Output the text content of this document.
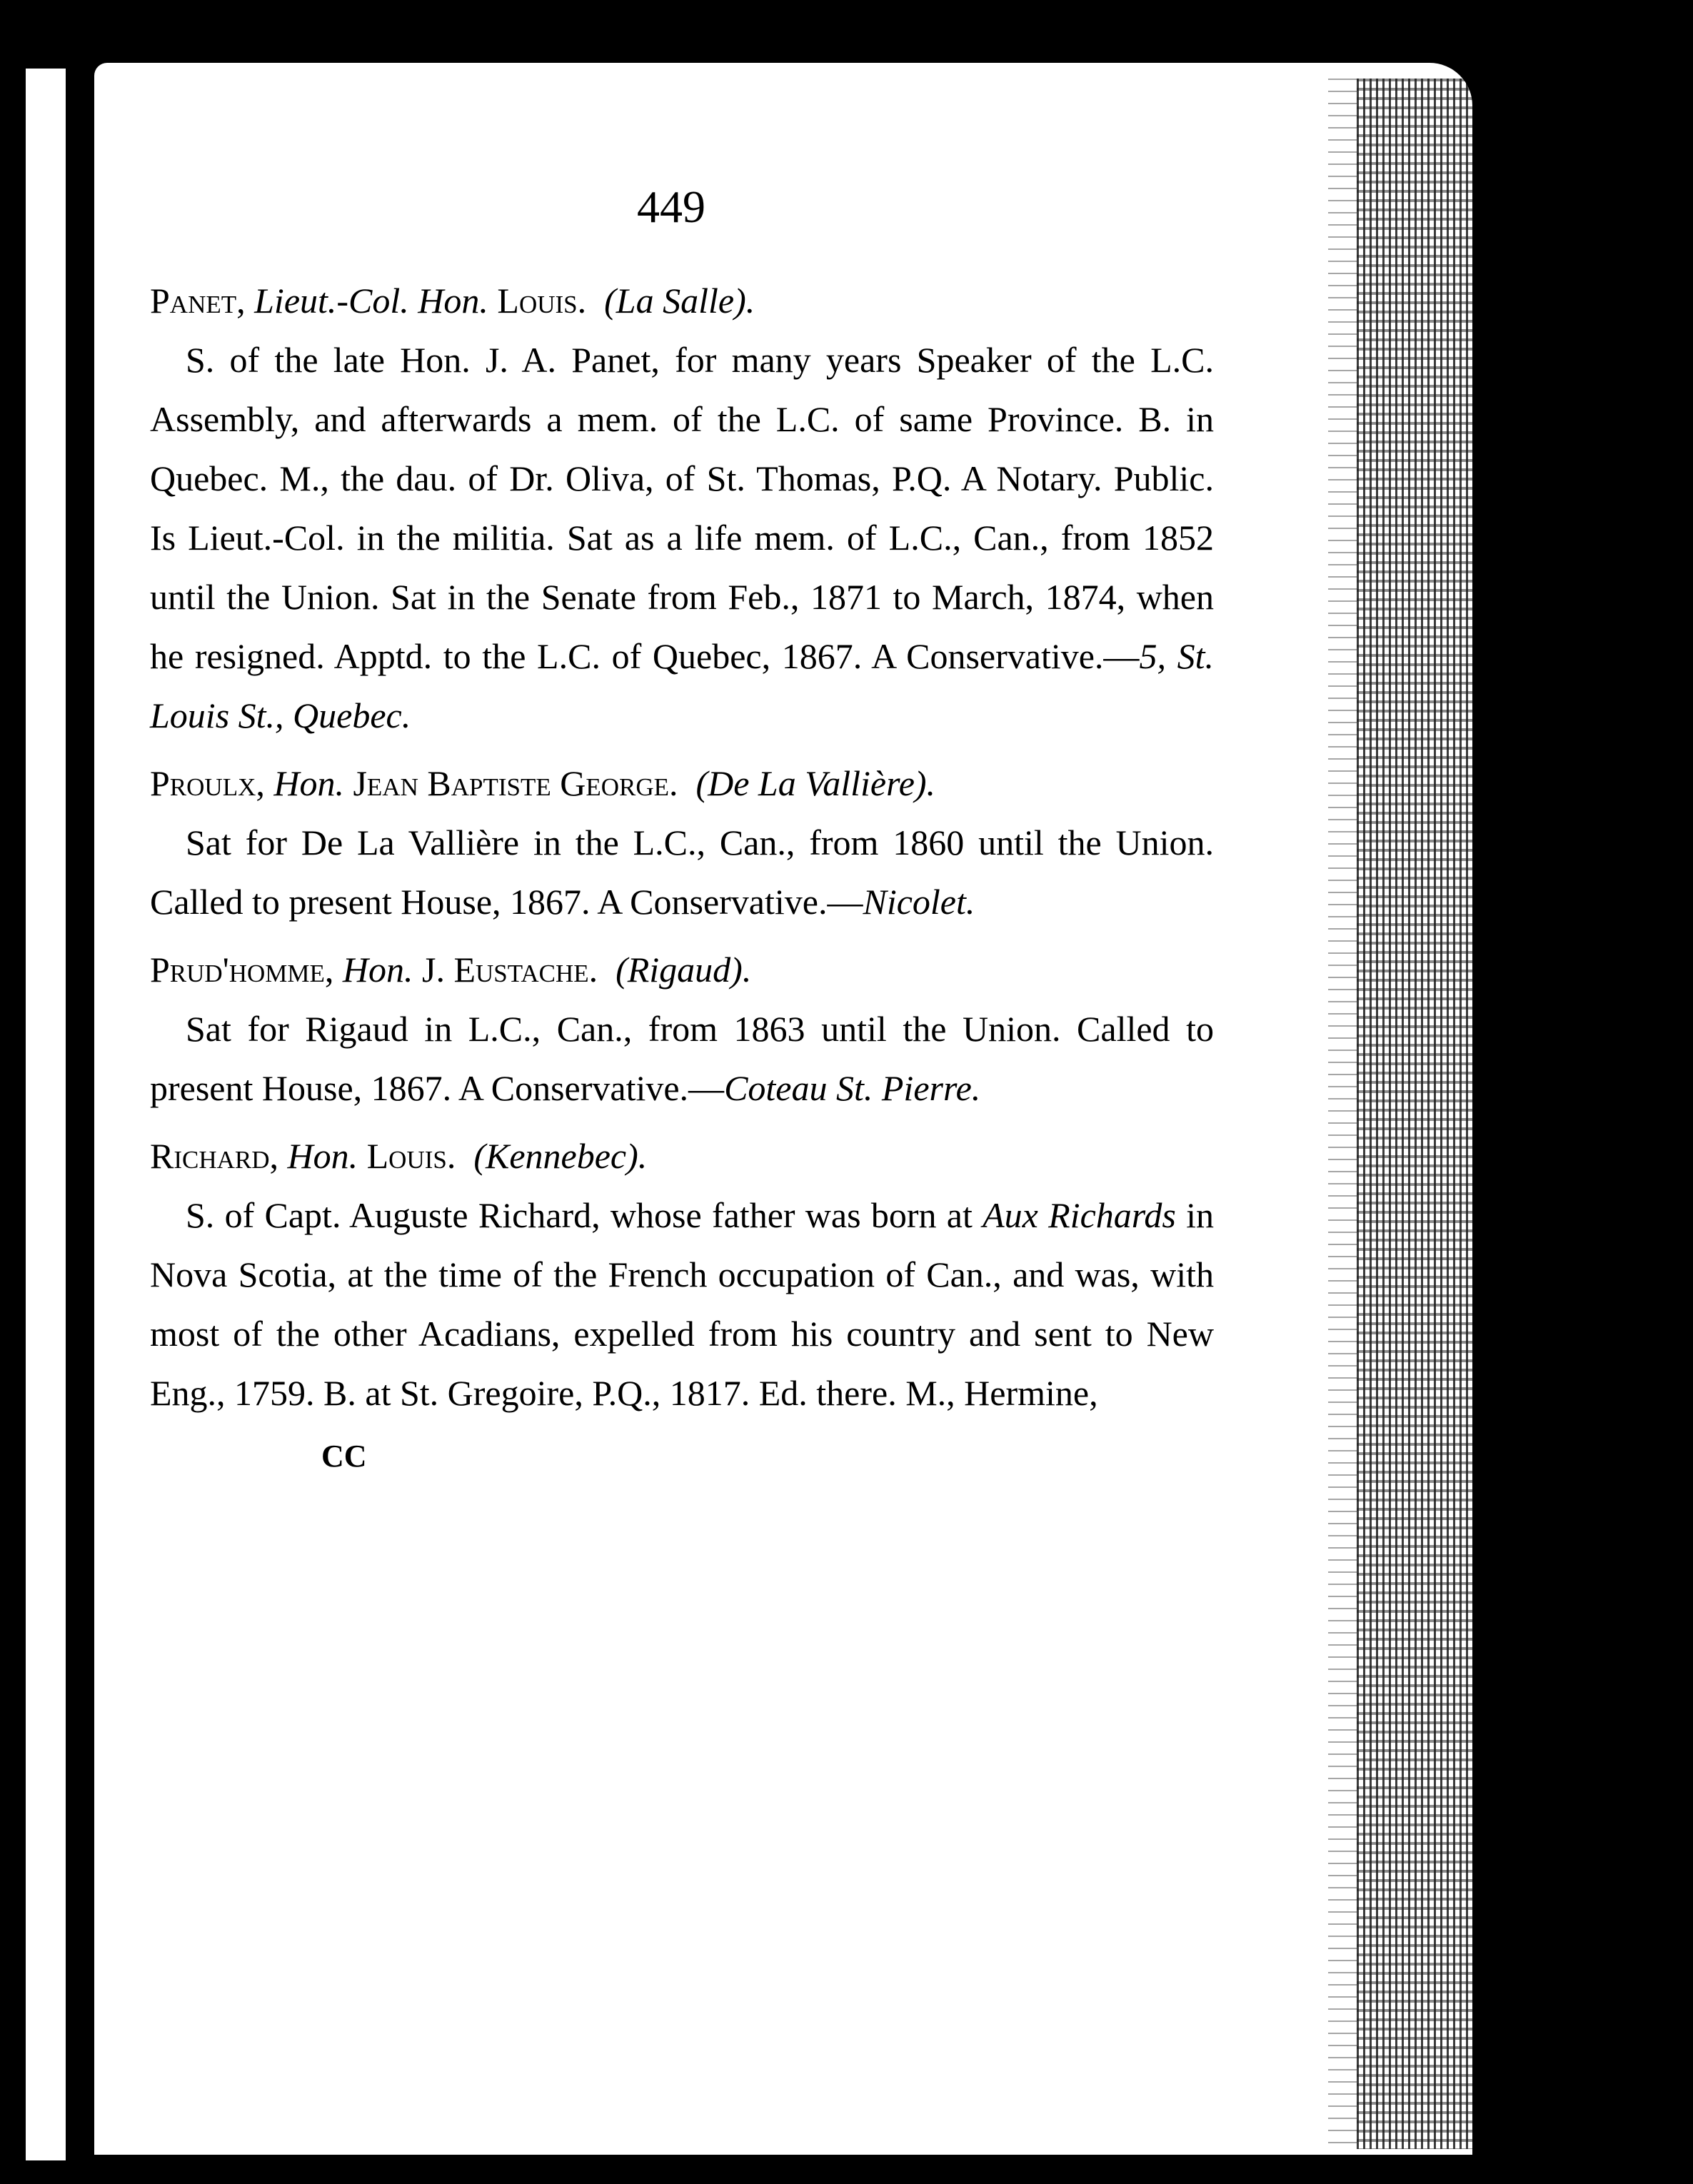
449

Panet, Lieut.-Col. Hon. Louis. (La Salle).

S. of the late Hon. J. A. Panet, for many years Speaker of the L.C. Assembly, and afterwards a mem. of the L.C. of same Province. B. in Quebec. M., the dau. of Dr. Oliva, of St. Thomas, P.Q. A Notary. Public. Is Lieut.-Col. in the militia. Sat as a life mem. of L.C., Can., from 1852 until the Union. Sat in the Senate from Feb., 1871 to March, 1874, when he resigned. Apptd. to the L.C. of Quebec, 1867. A Conservative.—5, St. Louis St., Quebec.

Proulx, Hon. Jean Baptiste George. (De La Vallière).

Sat for De La Vallière in the L.C., Can., from 1860 until the Union. Called to present House, 1867. A Conservative.—Nicolet.

Prud'homme, Hon. J. Eustache. (Rigaud).

Sat for Rigaud in L.C., Can., from 1863 until the Union. Called to present House, 1867. A Conservative.—Coteau St. Pierre.

Richard, Hon. Louis. (Kennebec).

S. of Capt. Auguste Richard, whose father was born at Aux Richards in Nova Scotia, at the time of the French occupation of Can., and was, with most of the other Acadians, expelled from his country and sent to New Eng., 1759. B. at St. Gregoire, P.Q., 1817. Ed. there. M., Hermine,

CC
